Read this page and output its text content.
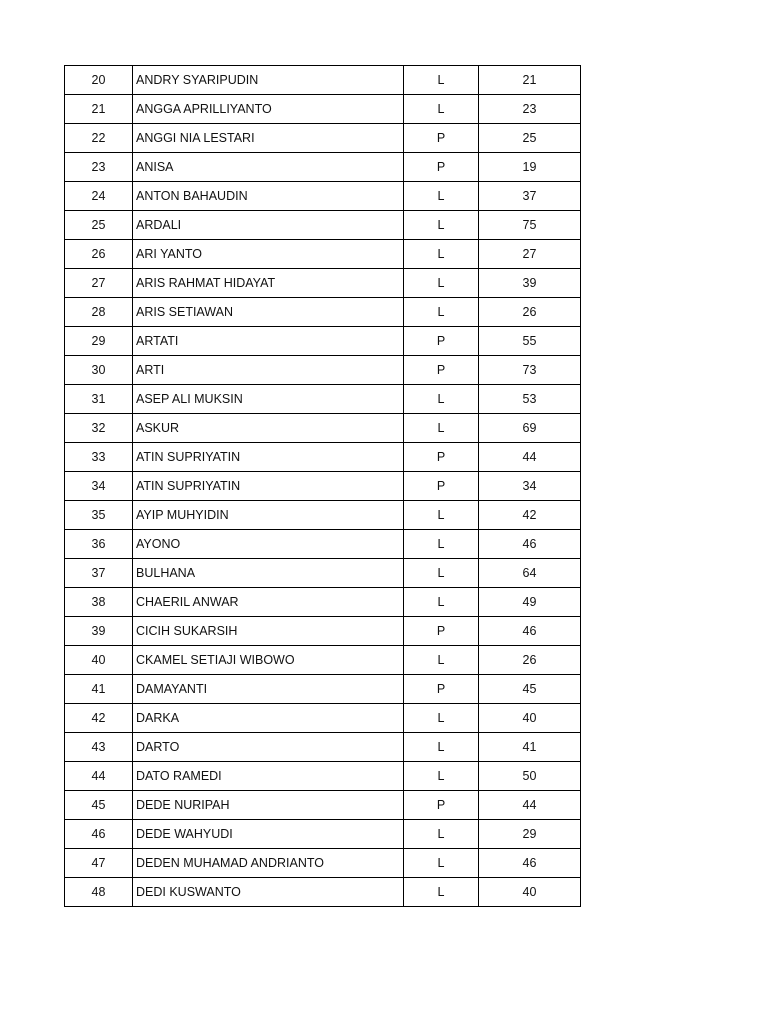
20	ANDRY SYARIPUDIN	L	21
21	ANGGA APRILLIYANTO	L	23
22	ANGGI NIA LESTARI	P	25
23	ANISA	P	19
24	ANTON BAHAUDIN	L	37
25	ARDALI	L	75
26	ARI YANTO	L	27
27	ARIS RAHMAT HIDAYAT	L	39
28	ARIS SETIAWAN	L	26
29	ARTATI	P	55
30	ARTI	P	73
31	ASEP ALI MUKSIN	L	53
32	ASKUR	L	69
33	ATIN SUPRIYATIN	P	44
34	ATIN SUPRIYATIN	P	34
35	AYIP MUHYIDIN	L	42
36	AYONO	L	46
37	BULHANA	L	64
38	CHAERIL ANWAR	L	49
39	CICIH SUKARSIH	P	46
40	CKAMEL SETIAJI WIBOWO	L	26
41	DAMAYANTI	P	45
42	DARKA	L	40
43	DARTO	L	41
44	DATO RAMEDI	L	50
45	DEDE NURIPAH	P	44
46	DEDE WAHYUDI	L	29
47	DEDEN MUHAMAD ANDRIANTO	L	46
48	DEDI KUSWANTO	L	40
